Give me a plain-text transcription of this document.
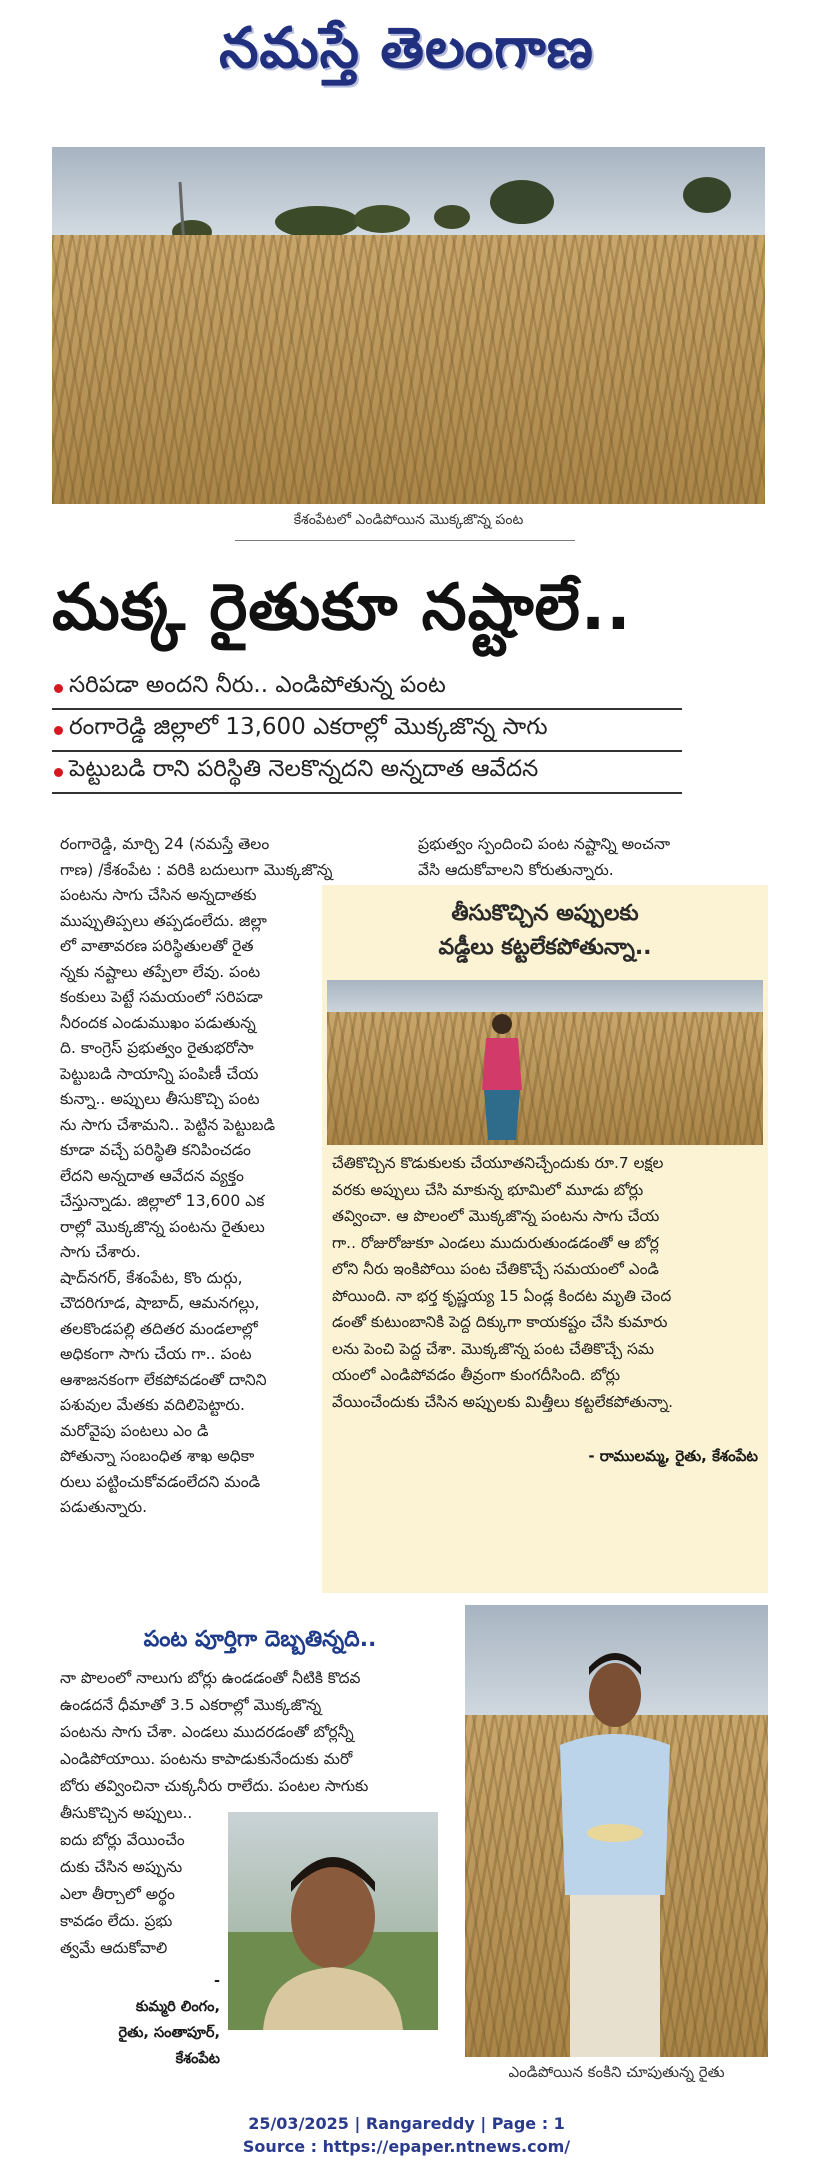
నమస్తే తెలంగాణ
కేశంపేటలో ఎండిపోయిన మొక్కజొన్న పంట
మక్క రైతుకూ నష్టాలే..
సరిపడా అందని నీరు.. ఎండిపోతున్న పంట
రంగారెడ్డి జిల్లాలో 13,600 ఎకరాల్లో మొక్కజొన్న సాగు
పెట్టుబడి రాని పరిస్థితి నెలకొన్నదని అన్నదాత ఆవేదన

రంగారెడ్డి, మార్చి 24 (నమస్తే తెలం

గాణ) /కేశంపేట : వరికి బదులుగా మొక్కజొన్న

పంటను సాగు చేసిన అన్నదాతకు

ముప్పుతిప్పలు తప్పడంలేదు. జిల్లా

లో వాతావరణ పరిస్థితులతో రైత

న్నకు నష్టాలు తప్పేలా లేవు. పంట

కంకులు పెట్టే సమయంలో సరిపడా

నీరందక ఎండుముఖం పడుతున్న

ది. కాంగ్రెస్ ప్రభుత్వం రైతుభరోసా

పెట్టుబడి సాయాన్ని పంపిణీ చేయ

కున్నా.. అప్పులు తీసుకొచ్చి పంట

ను సాగు చేశామని.. పెట్టిన పెట్టుబడి

కూడా వచ్చే పరిస్థితి కనిపించడం

లేదని అన్నదాత ఆవేదన వ్యక్తం

చేస్తున్నాడు. జిల్లాలో 13,600 ఎక

రాల్లో మొక్కజొన్న పంటను రైతులు

సాగు చేశారు.

షాద్‌నగర్, కేశంపేట, కొం దుర్గు,

చౌదరిగూడ, షాబాద్, ఆమనగల్లు,

తలకొండపల్లి తదితర మండలాల్లో

అధికంగా సాగు చేయ గా.. పంట

ఆశాజనకంగా లేకపోవడంతో దానిని

పశువుల మేతకు వదిలిపెట్టారు.

మరోవైపు పంటలు ఎం డి

పోతున్నా సంబంధిత శాఖ అధికా

రులు పట్టించుకోవడంలేదని మండి

పడుతున్నారు.

ప్రభుత్వం స్పందించి పంట నష్టాన్ని అంచనా

వేసి ఆదుకోవాలని కోరుతున్నారు.

తీసుకొచ్చిన అప్పులకు
వడ్డీలు కట్టలేకపోతున్నా..

చేతికొచ్చిన కొడుకులకు చేయూతనిచ్చేందుకు రూ.7 లక్షల

వరకు అప్పులు చేసి మాకున్న భూమిలో మూడు బోర్లు

తవ్వించా. ఆ పొలంలో మొక్కజొన్న పంటను సాగు చేయ

గా.. రోజురోజుకూ ఎండలు ముదురుతుండడంతో ఆ బోర్ల

లోని నీరు ఇంకిపోయి పంట చేతికొచ్చే సమయంలో ఎండి

పోయింది. నా భర్త కృష్ణయ్య 15 ఏండ్ల కిందట మృతి చెంద

డంతో కుటుంబానికి పెద్ద దిక్కుగా కాయకష్టం చేసి కుమారు

లను పెంచి పెద్ద చేశా. మొక్కజొన్న పంట చేతికొచ్చే సమ

యంలో ఎండిపోవడం తీవ్రంగా కుంగదీసింది. బోర్లు

వేయించేందుకు చేసిన అప్పులకు మిత్తీలు కట్టలేకపోతున్నా.

- రాములమ్మ, రైతు, కేశంపేట
పంట పూర్తిగా దెబ్బతిన్నది..

నా పొలంలో నాలుగు బోర్లు ఉండడంతో నీటికి కొదవ

ఉండదనే ధీమాతో 3.5 ఎకరాల్లో మొక్కజొన్న

పంటను సాగు చేశా. ఎండలు ముదరడంతో బోర్లన్నీ

ఎండిపోయాయి. పంటను కాపాడుకునేందుకు మరో

బోరు తవ్వించినా చుక్కనీరు రాలేదు. పంటల సాగుకు

తీసుకొచ్చిన అప్పులు..

ఐదు బోర్లు వేయించేం

దుకు చేసిన అప్పును

ఎలా తీర్చాలో అర్థం

కావడం లేదు. ప్రభు

త్వమే ఆదుకోవాలి

-
కుమ్మరి లింగం,
రైతు, సంతాపూర్,
కేశంపేట
ఎండిపోయిన కంకిని చూపుతున్న రైతు
25/03/2025 | Rangareddy | Page : 1
Source : https://epaper.ntnews.com/
